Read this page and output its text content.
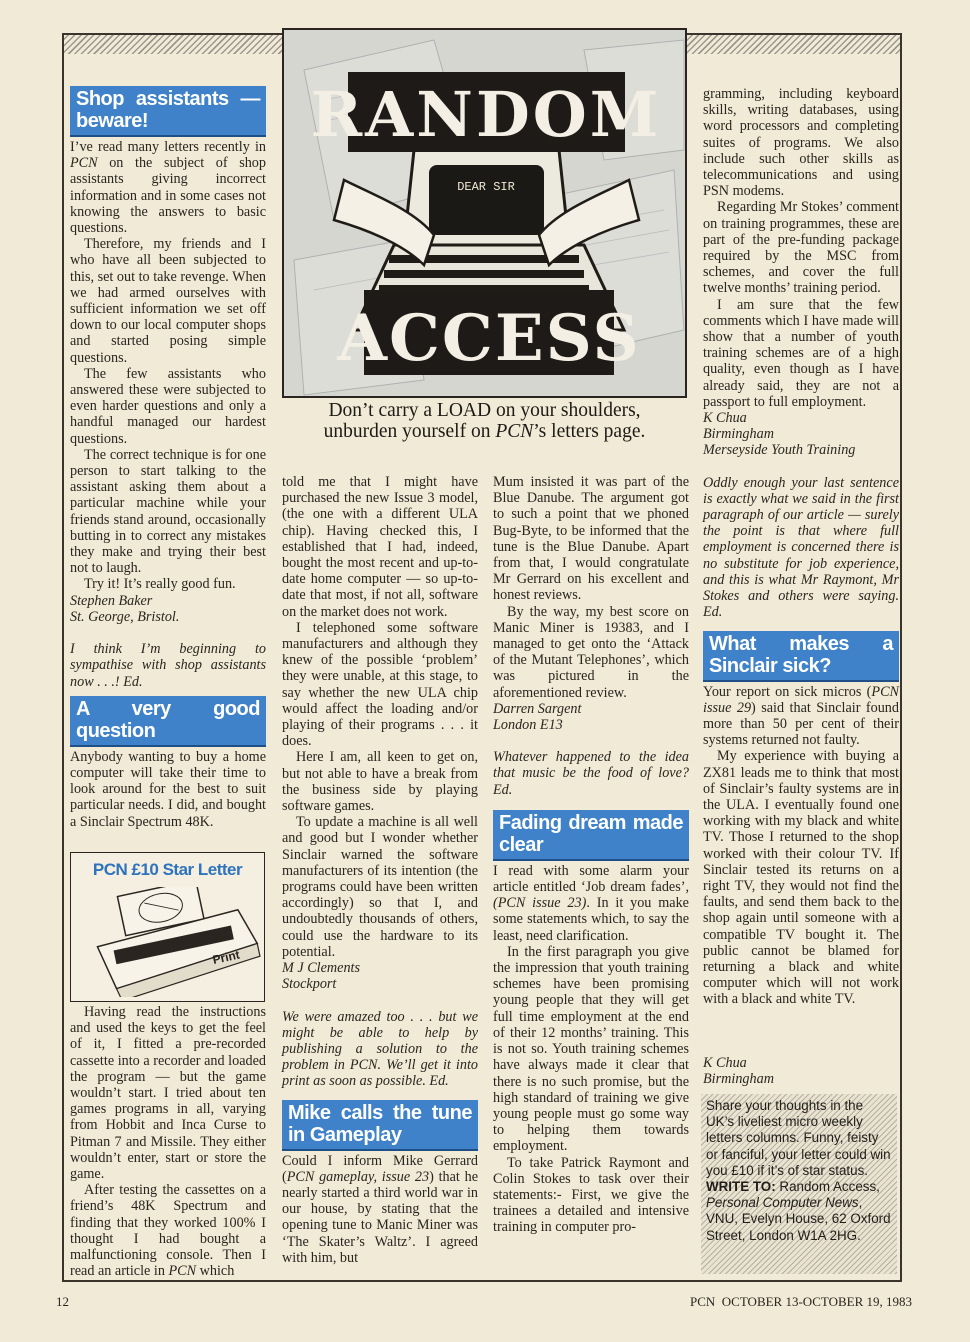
DEAR SIR
RANDOM
ACCESS
Don’t carry a LOAD on your shoulders,
unburden yourself on PCN’s letters page.
Shop assistants — beware!

I’ve read many letters recently in PCN on the subject of shop assistants giving incorrect information and in some cases not knowing the answers to basic questions.

Therefore, my friends and I who have all been subjected to this, set out to take revenge. When we had armed ourselves with sufficient information we set off down to our local computer shops and started posing simple questions.

The few assistants who answered these were subjected to even harder questions and only a handful managed our hardest questions.

The correct technique is for one person to start talking to the assistant asking them about a particular machine while your friends stand around, occasionally butting in to correct any mistakes they make and trying their best not to laugh.

Try it! It’s really good fun.

Stephen Baker

St. George, Bristol.

I think I’m beginning to sympathise with shop assistants now . . .! Ed.

A very good question

Anybody wanting to buy a home computer will take their time to look around for the best to suit particular needs. I did, and bought a Sinclair Spectrum 48K.

PCN £10 Star Letter
Print

Having read the instructions and used the keys to get the feel of it, I fitted a pre-recorded cassette into a recorder and loaded the program — but the game wouldn’t start. I tried about ten games programs in all, varying from Hobbit and Inca Curse to Pitman 7 and Missile. They either wouldn’t enter, start or store the game.

After testing the cassettes on a friend’s 48K Spectrum and finding that they worked 100% I thought I had bought a malfunctioning console. Then I read an article in PCN which

told me that I might have purchased the new Issue 3 model, (the one with a different ULA chip). Having checked this, I established that I had, indeed, bought the most recent and up-to-date home computer — so up-to-date that most, if not all, software on the market does not work.

I telephoned some software manufacturers and although they knew of the possible ‘problem’ they were unable, at this stage, to say whether the new ULA chip would affect the loading and/or playing of their programs . . . it does.

Here I am, all keen to get on, but not able to have a break from the business side by playing software games.

To update a machine is all well and good but I wonder whether Sinclair warned the software manufacturers of its intention (the programs could have been written accordingly) so that I, and undoubtedly thousands of others, could use the hardware to its potential.

M J Clements

Stockport

We were amazed too . . . but we might be able to help by publishing a solution to the problem in PCN. We’ll get it into print as soon as possible. Ed.

Mike calls the tune in Gameplay

Could I inform Mike Gerrard (PCN gameplay, issue 23) that he nearly started a third world war in our house, by stating that the opening tune to Manic Miner was ‘The Skater’s Waltz’. I agreed with him, but

Mum insisted it was part of the Blue Danube. The argument got to such a point that we phoned Bug-Byte, to be informed that the tune is the Blue Danube. Apart from that, I would congratulate Mr Gerrard on his excellent and honest reviews.

By the way, my best score on Manic Miner is 19383, and I managed to get onto the ‘Attack of the Mutant Telephones’, which was pictured in the aforementioned review.

Darren Sargent

London E13

Whatever happened to the idea that music be the food of love? Ed.

Fading dream made clear

I read with some alarm your article entitled ‘Job dream fades’, (PCN issue 23). In it you make some statements which, to say the least, need clarification.

In the first paragraph you give the impression that youth training schemes have been promising young people that they will get full time employment at the end of their 12 months’ training. This is not so. Youth training schemes have always made it clear that there is no such promise, but the high standard of training we give young people must go some way to helping them towards employment.

To take Patrick Raymont and Colin Stokes to task over their statements:- First, we give the trainees a detailed and intensive training in computer pro-

gramming, including keyboard skills, writing databases, using word processors and completing suites of programs. We also include such other skills as telecommunications and using PSN modems.

Regarding Mr Stokes’ comment on training programmes, these are part of the pre-funding package required by the MSC from schemes, and cover the full twelve months’ training period.

I am sure that the few comments which I have made will show that a number of youth training schemes are of a high quality, even though as I have already said, they are not a passport to full employment.

K Chua

Birmingham

Merseyside Youth Training

Oddly enough your last sentence is exactly what we said in the first paragraph of our article — surely the point is that where full employment is concerned there is no substitute for job experience, and this is what Mr Raymont, Mr Stokes and others were saying. Ed.

What makes a Sinclair sick?

Your report on sick micros (PCN issue 29) said that Sinclair found more than 50 per cent of their systems returned not faulty.

My experience with buying a ZX81 leads me to think that most of Sinclair’s faulty systems are in the ULA. I eventually found one working with my black and white TV. Those I returned to the shop worked with their colour TV. If Sinclair tested its returns on a right TV, they would not find the faults, and send them back to the shop again until someone with a compatible TV bought it. The public cannot be blamed for returning a black and white computer which will not work with a black and white TV.

K Chua

Birmingham

Share your thoughts in the UK’s liveliest micro weekly letters columns. Funny, feisty or fanciful, your letter could win you £10 if it’s of star status.
WRITE TO: Random Access, Personal Computer News, VNU, Evelyn House, 62 Oxford Street, London W1A 2HG.
12	PCN  OCTOBER 13-OCTOBER 19, 1983
